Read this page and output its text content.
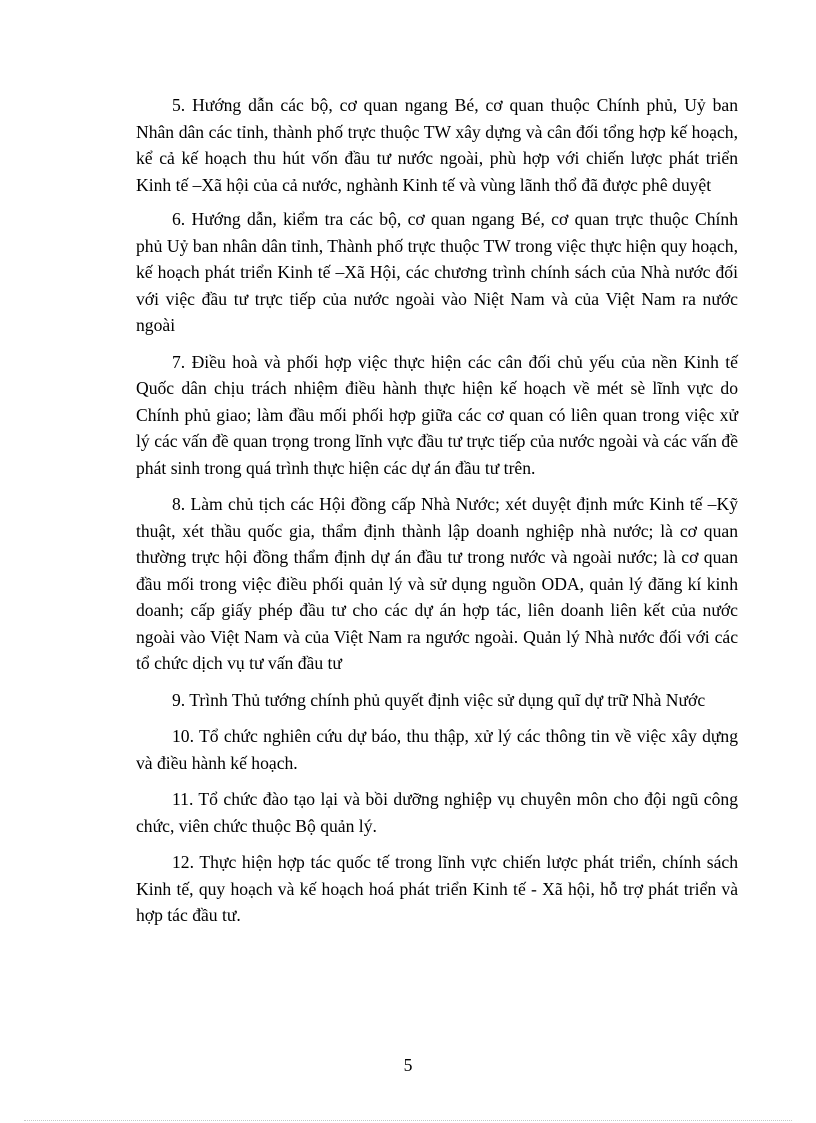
5. Hướng dẫn các bộ, cơ quan ngang Bé, cơ quan thuộc Chính phủ, Uỷ ban Nhân dân các tỉnh, thành phố trực thuộc TW xây dựng và cân đối tổng hợp kế hoạch, kể cả kế hoạch thu hút vốn đầu tư nước ngoài, phù hợp với chiến lược phát triển Kinh tế –Xã hội của cả nước, nghành Kinh tế và vùng lãnh thổ đã được phê duyệt

6. Hướng dẫn, kiểm tra các bộ, cơ quan ngang Bé, cơ quan trực thuộc Chính phủ Uỷ ban nhân dân tỉnh, Thành phố trực thuộc TW trong việc thực hiện quy hoạch, kế hoạch phát triển Kinh tế –Xã Hội, các chương trình chính sách của Nhà nước đối với việc đầu tư trực tiếp của nước ngoài vào Niệt Nam và của Việt Nam ra nước ngoài

7. Điều hoà và phối hợp việc thực hiện các cân đối chủ yếu của nền Kinh tế Quốc dân chịu trách nhiệm điều hành thực hiện kế hoạch về mét sè lĩnh vực do Chính phủ giao; làm đầu mối phối hợp giữa các cơ quan có liên quan trong việc xử lý các vấn đề quan trọng trong lĩnh vực đầu tư trực tiếp của nước ngoài và các vấn đề phát sinh trong quá trình thực hiện các dự án đầu tư trên.

8. Làm chủ tịch các Hội đồng cấp Nhà Nước; xét duyệt định mức Kinh tế –Kỹ thuật, xét thầu quốc gia, thẩm định thành lập doanh nghiệp nhà nước; là cơ quan thường trực hội đồng thẩm định dự án đầu tư trong nước và ngoài nước; là cơ quan đầu mối trong việc điều phối quản lý và sử dụng nguồn ODA, quản lý đăng kí kinh doanh; cấp giấy phép đầu tư cho các dự án hợp tác, liên doanh liên kết của nước ngoài vào Việt Nam và của Việt Nam ra ngước ngoài. Quản lý Nhà nước đối với các tổ chức dịch vụ tư vấn đầu tư

9. Trình Thủ tướng chính phủ quyết định việc sử dụng quĩ dự trữ Nhà Nước

10. Tổ chức nghiên cứu dự báo, thu thập, xử lý các thông tin về việc xây dựng và điều hành kế hoạch.

11. Tổ chức đào tạo lại và bồi dưỡng nghiệp vụ chuyên môn cho đội ngũ công chức, viên chức thuộc Bộ quản lý.

12. Thực hiện hợp tác quốc tế trong lĩnh vực chiến lược phát triển, chính sách Kinh tế, quy hoạch và kế hoạch hoá phát triển Kinh tế - Xã hội, hỗ trợ phát triển và hợp tác đầu tư.

5
